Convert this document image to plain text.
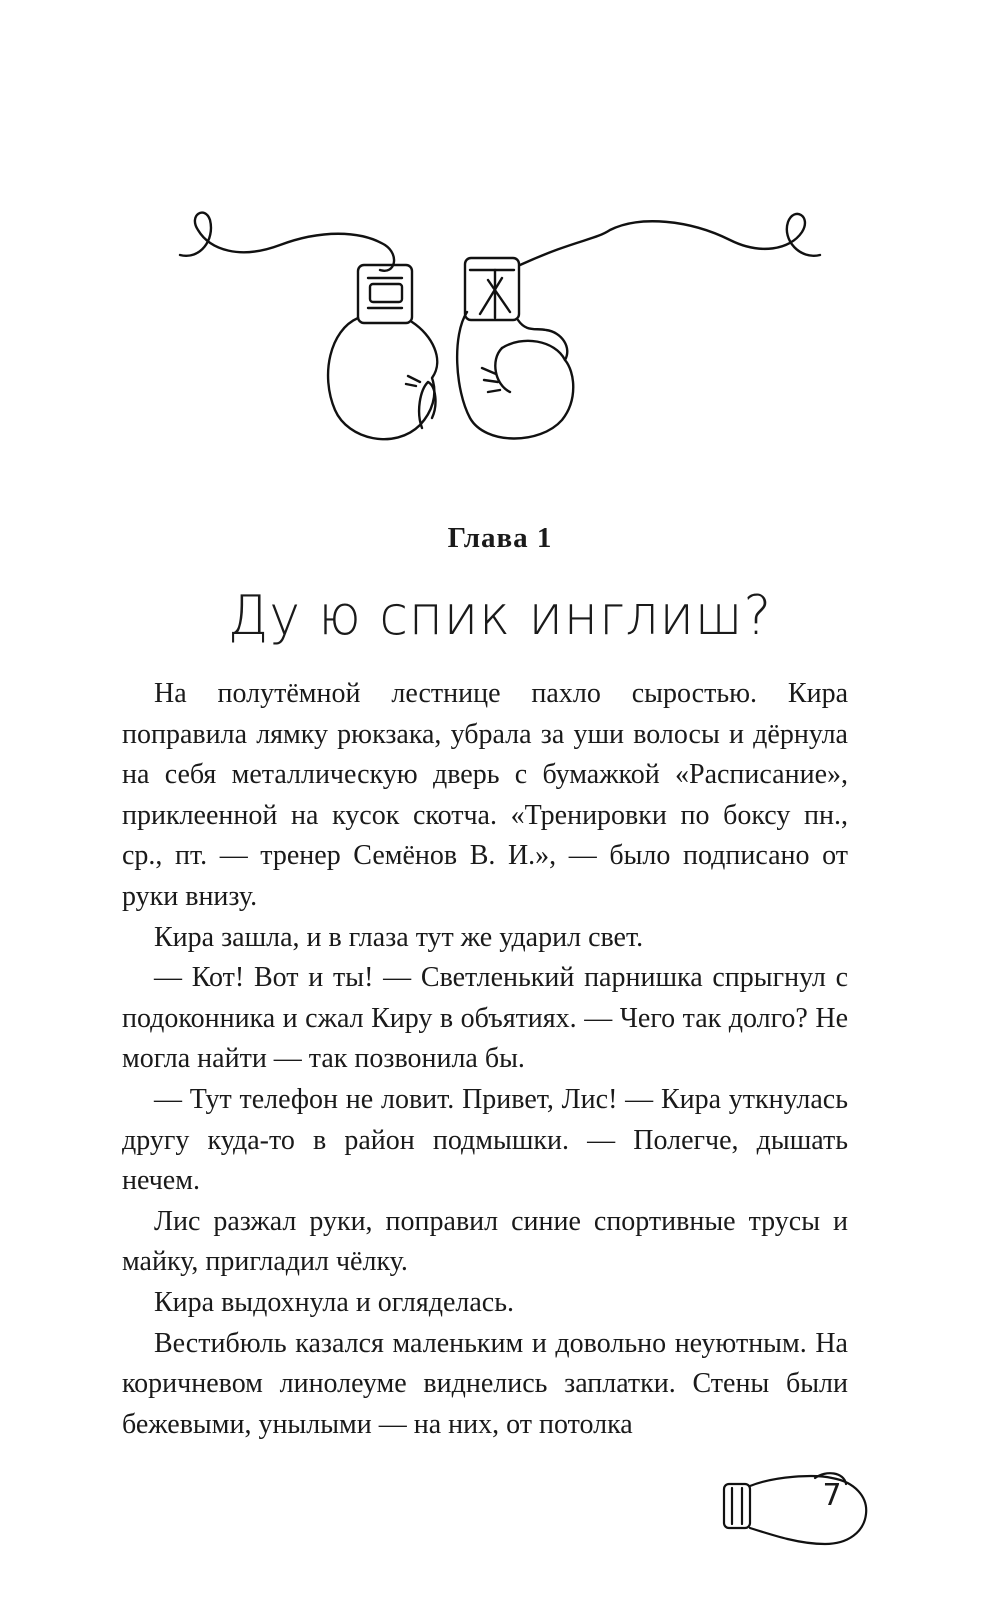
Глава 1
Ду ю спик инглиш?

На полутёмной лестнице пахло сыростью. Кира поправила лямку рюкзака, убрала за уши волосы и дёрнула на себя металлическую дверь с бумажкой «Расписание», приклеенной на кусок скотча. «Тренировки по боксу пн., ср., пт. — тренер Семёнов В. И.», — было подписано от руки внизу.

Кира зашла, и в глаза тут же ударил свет.

— Кот! Вот и ты! — Светленький парнишка спрыгнул с подоконника и сжал Киру в объятиях. — Чего так долго? Не могла найти — так позвонила бы.

— Тут телефон не ловит. Привет, Лис! — Кира уткнулась другу куда-то в район подмышки. — Полегче, дышать нечем.

Лис разжал руки, поправил синие спортивные трусы и майку, пригладил чёлку.

Кира выдохнула и огляделась.

Вестибюль казался маленьким и довольно неуютным. На коричневом линолеуме виднелись заплатки. Стены были бежевыми, унылыми — на них, от потолка

7
